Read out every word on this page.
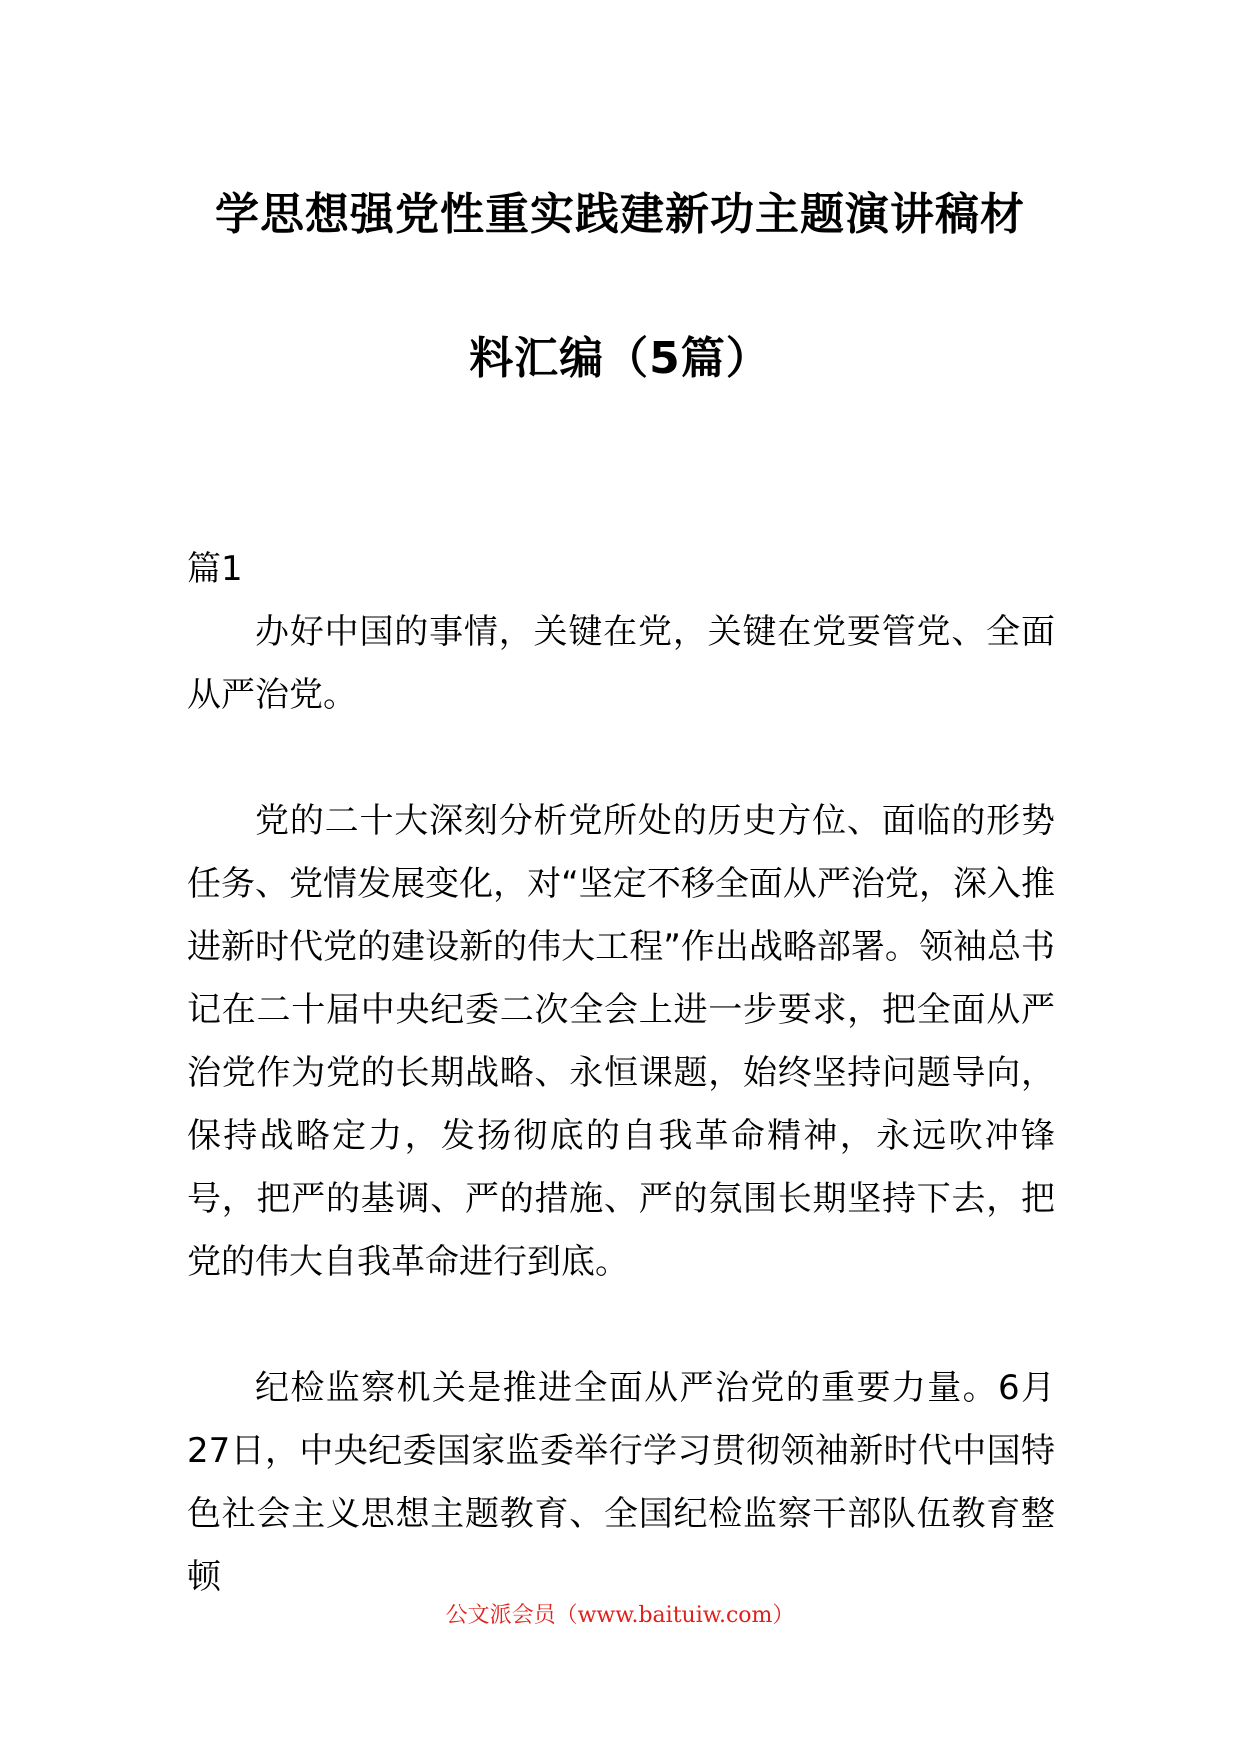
学思想强党性重实践建新功主题演讲稿材
料汇编（5篇）
篇1

办好中国的事情，关键在党，关键在党要管党、全面从严治党。

党的二十大深刻分析党所处的历史方位、面临的形势任务、党情发展变化，对“坚定不移全面从严治党，深入推进新时代党的建设新的伟大工程”作出战略部署。领袖总书记在二十届中央纪委二次全会上进一步要求，把全面从严治党作为党的长期战略、永恒课题，始终坚持问题导向，保持战略定力，发扬彻底的自我革命精神，永远吹冲锋号，把严的基调、严的措施、严的氛围长期坚持下去，把党的伟大自我革命进行到底。

纪检监察机关是推进全面从严治党的重要力量。6月27日，中央纪委国家监委举行学习贯彻领袖新时代中国特色社会主义思想主题教育、全国纪检监察干部队伍教育整顿

公文派会员（www.baituiw.com）
